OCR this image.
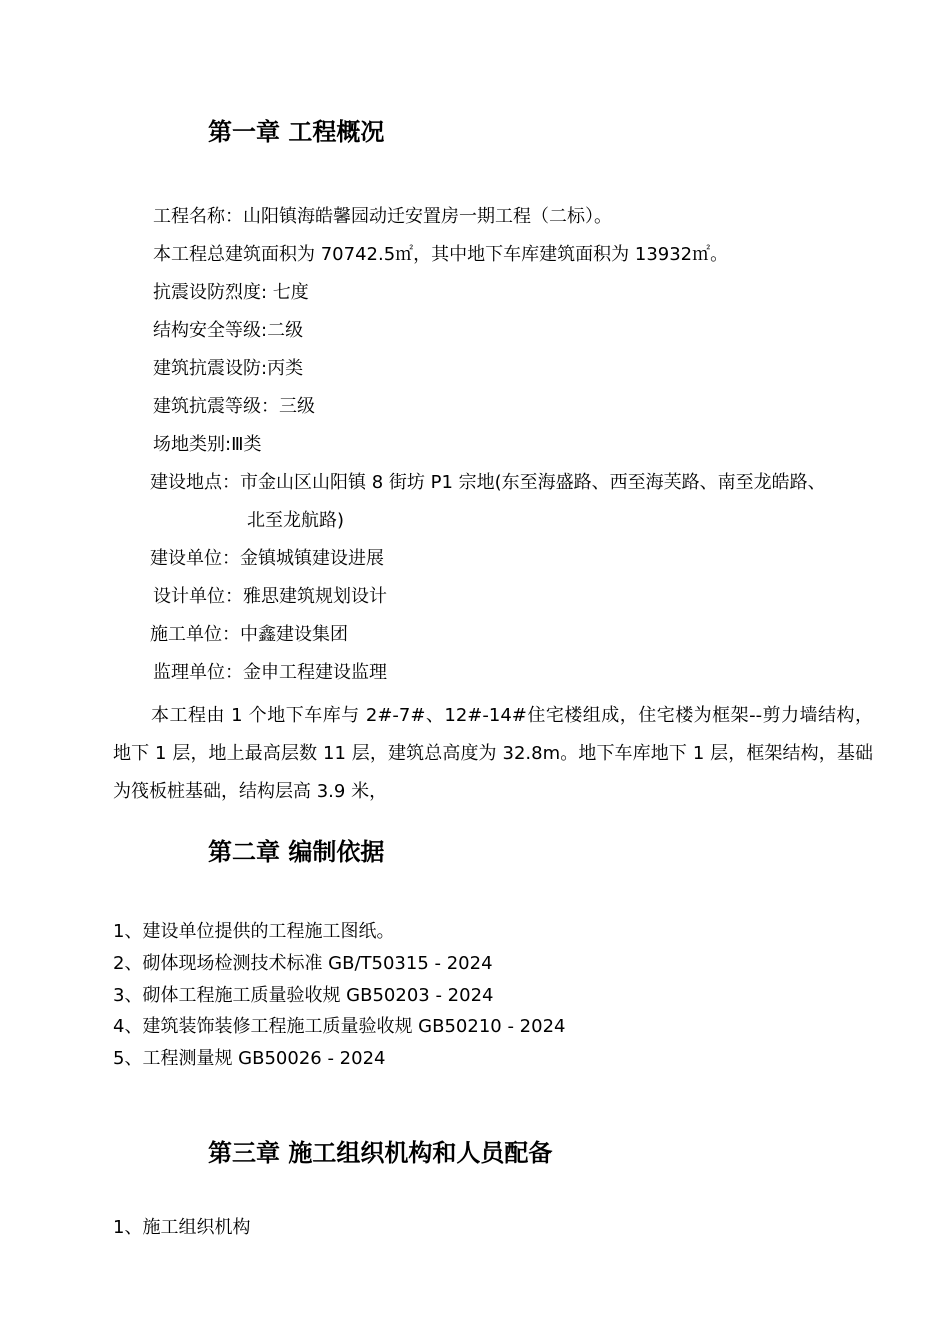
第一章 工程概况
工程名称：山阳镇海皓馨园动迁安置房一期工程（二标）。
本工程总建筑面积为 70742.5㎡，其中地下车库建筑面积为 13932㎡。
抗震设防烈度: 七度
结构安全等级:二级
建筑抗震设防:丙类
建筑抗震等级：三级
场地类别:Ⅲ类
建设地点：市金山区山阳镇 8 街坊 P1 宗地(东至海盛路、西至海芙路、南至龙皓路、
北至龙航路)
建设单位：金镇城镇建设进展
设计单位：雅思建筑规划设计
施工单位：中鑫建设集团
监理单位：金申工程建设监理
本工程由 1 个地下车库与 2#-7#、12#-14#住宅楼组成，住宅楼为框架--剪力墙结构，地下 1 层，地上最高层数 11 层，建筑总高度为 32.8m。地下车库地下 1 层，框架结构，基础为筏板桩基础，结构层高 3.9 米，
第二章 编制依据
1、建设单位提供的工程施工图纸。
2、砌体现场检测技术标准 GB/T50315 - 2024
3、砌体工程施工质量验收规 GB50203 - 2024
4、建筑装饰装修工程施工质量验收规 GB50210 - 2024
5、工程测量规 GB50026 - 2024
第三章 施工组织机构和人员配备
1、施工组织机构
